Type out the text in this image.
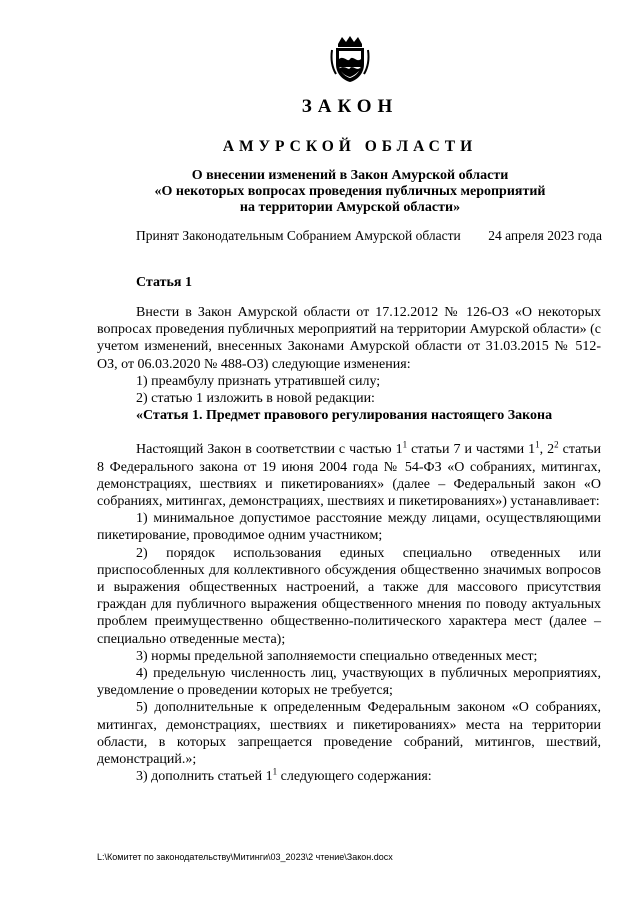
ЗАКОН
АМУРСКОЙ ОБЛАСТИ
О внесении изменений в Закон Амурской области
«О некоторых вопросах проведения публичных мероприятий
на территории Амурской области»
Принят Законодательным Собранием Амурской области 24 апреля 2023 года
Статья 1

Внести в Закон Амурской области от 17.12.2012 № 126-ОЗ «О некоторых вопросах проведения публичных мероприятий на территории Амурской области» (с учетом изменений, внесенных Законами Амурской области от 31.03.2015 № 512-ОЗ, от 06.03.2020 № 488-ОЗ) следующие изменения:

1) преамбулу признать утратившей силу;

2) статью 1 изложить в новой редакции:

«Статья 1. Предмет правового регулирования настоящего Закона

Настоящий Закон в соответствии с частью $1^1$ статьи 7 и частями $1^1$, $2^2$ статьи 8 Федерального закона от 19 июня 2004 года № 54-ФЗ «О собраниях, митингах, демонстрациях, шествиях и пикетированиях» (далее – Федеральный закон «О собраниях, митингах, демонстрациях, шествиях и пикетированиях») устанавливает:

1) минимальное допустимое расстояние между лицами, осуществляющими пикетирование, проводимое одним участником;

2) порядок использования единых специально отведенных или приспособленных для коллективного обсуждения общественно значимых вопросов и выражения общественных настроений, а также для массового присутствия граждан для публичного выражения общественного мнения по поводу актуальных проблем преимущественно общественно-политического характера мест (далее – специально отведенные места);

3) нормы предельной заполняемости специально отведенных мест;

4) предельную численность лиц, участвующих в публичных мероприятиях, уведомление о проведении которых не требуется;

5) дополнительные к определенным Федеральным законом «О собраниях, митингах, демонстрациях, шествиях и пикетированиях» места на территории области, в которых запрещается проведение собраний, митингов, шествий, демонстраций.»;

3) дополнить статьей $1^1$ следующего содержания:

L:\Комитет по законодательству\Митинги\03_2023\2 чтение\Закон.docx
